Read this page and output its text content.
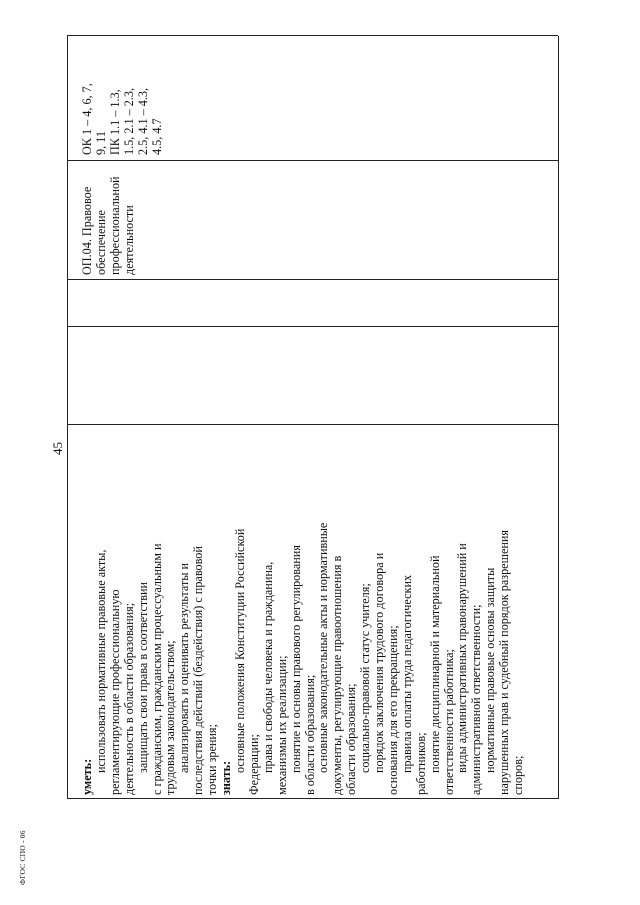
ФГОС СПО - 06
45
уметь:
использовать нормативные правовые акты, регламентирующие профессиональную деятельность в области образования; защищать свои права в соответствии с гражданским, гражданским процессуальным и трудовым законодательством; анализировать и оценивать результаты и последствия действий (бездействия) с правовой точки зрения; знать:
основные положения Конституции Российской Федерации; права и свободы человека и гражданина, механизмы их реализации; понятие и основы правового регулирования в области образования; основные законодательные акты и нормативные документы, регулирующие правоотношения в области образования; социально-правовой статус учителя; порядок заключения трудового договора и основания для его прекращения; правила оплаты труда педагогических работников; понятие дисциплинарной и материальной ответственности работника; виды административных правонарушений и административной ответственности; нормативные правовые основы защиты нарушенных прав и судебный порядок разрешения споров;
ОП.04. Правовое обеспечение профессиональной деятельности
ОК 1 – 4, 6, 7, 9, 11 ПК 1.1 – 1.3, 1.5, 2.1 – 2.3, 2.5, 4.1 – 4.3, 4.5, 4.7
